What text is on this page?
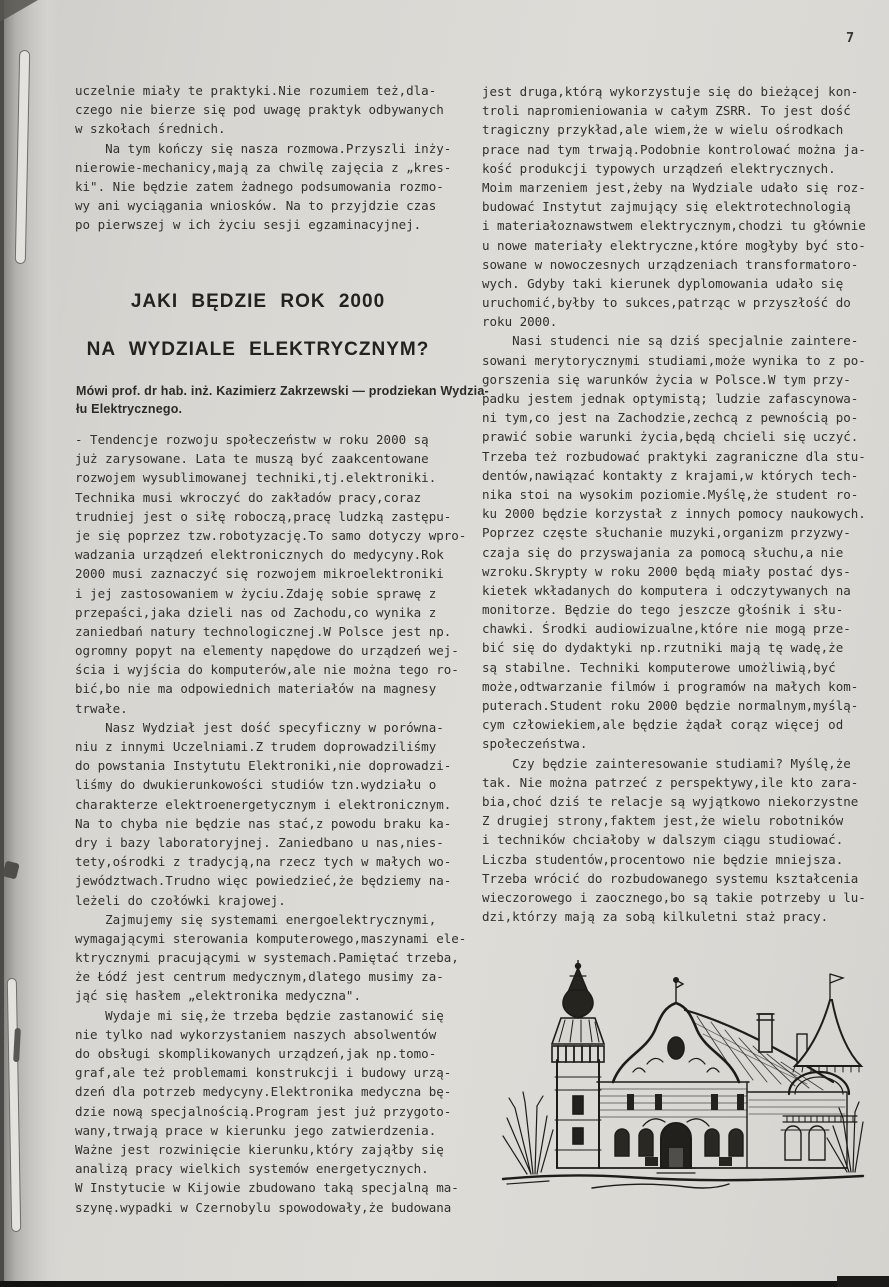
7
uczelnie miały te praktyki.Nie rozumiem też,dla-
czego nie bierze się pod uwagę praktyk odbywanych
w szkołach średnich.
Na tym kończy się nasza rozmowa.Przyszli inży-
nierowie-mechanicy,mają za chwilę zajęcia z „kres-
ki". Nie będzie zatem żadnego podsumowania rozmo-
wy ani wyciągania wniosków. Na to przyjdzie czas
po pierwszej w ich życiu sesji egzaminacyjnej.
JAKI BĘDZIE ROK 2000
NA WYDZIALE ELEKTRYCZNYM?
Mówi prof. dr hab. inż. Kazimierz Zakrzewski — prodziekan Wydzia-
łu Elektrycznego.
- Tendencje rozwoju społeczeństw w roku 2000 są
już zarysowane. Lata te muszą być zaakcentowane
rozwojem wysublimowanej techniki,tj.elektroniki.
Technika musi wkroczyć do zakładów pracy,coraz
trudniej jest o siłę roboczą,pracę ludzką zastępu-
je się poprzez tzw.robotyzację.To samo dotyczy wpro-
wadzania urządzeń elektronicznych do medycyny.Rok
2000 musi zaznaczyć się rozwojem mikroelektroniki
i jej zastosowaniem w życiu.Zdaję sobie sprawę z
przepaści,jaka dzieli nas od Zachodu,co wynika z
zaniedbań natury technologicznej.W Polsce jest np.
ogromny popyt na elementy napędowe do urządzeń wej-
ścia i wyjścia do komputerów,ale nie można tego ro-
bić,bo nie ma odpowiednich materiałów na magnesy
trwałe.
Nasz Wydział jest dość specyficzny w porówna-
niu z innymi Uczelniami.Z trudem doprowadziliśmy
do powstania Instytutu Elektroniki,nie doprowadzi-
liśmy do dwukierunkowości studiów tzn.wydziału o
charakterze elektroenergetycznym i elektronicznym.
Na to chyba nie będzie nas stać,z powodu braku ka-
dry i bazy laboratoryjnej. Zaniedbano u nas,nies-
tety,ośrodki z tradycją,na rzecz tych w małych wo-
jewództwach.Trudno więc powiedzieć,że będziemy na-
leżeli do czołówki krajowej.
Zajmujemy się systemami energoelektrycznymi,
wymagającymi sterowania komputerowego,maszynami ele-
ktrycznymi pracującymi w systemach.Pamiętać trzeba,
że Łódź jest centrum medycznym,dlatego musimy za-
jąć się hasłem „elektronika medyczna".
Wydaje mi się,że trzeba będzie zastanowić się
nie tylko nad wykorzystaniem naszych absolwentów
do obsługi skomplikowanych urządzeń,jak np.tomo-
graf,ale też problemami konstrukcji i budowy urzą-
dzeń dla potrzeb medycyny.Elektronika medyczna bę-
dzie nową specjalnością.Program jest już przygoto-
wany,trwają prace w kierunku jego zatwierdzenia.
Ważne jest rozwinięcie kierunku,który zająłby się
analizą pracy wielkich systemów energetycznych.
W Instytucie w Kijowie zbudowano taką specjalną ma-
szynę.wypadki w Czernobylu spowodowały,że budowana
jest druga,którą wykorzystuje się do bieżącej kon-
troli napromieniowania w całym ZSRR. To jest dość
tragiczny przykład,ale wiem,że w wielu ośrodkach
prace nad tym trwają.Podobnie kontrolować można ja-
kość produkcji typowych urządzeń elektrycznych.
Moim marzeniem jest,żeby na Wydziale udało się roz-
budować Instytut zajmujący się elektrotechnologią
i materiałoznawstwem elektrycznym,chodzi tu głównie
u nowe materiały elektryczne,które mogłyby być sto-
sowane w nowoczesnych urządzeniach transformatoro-
wych. Gdyby taki kierunek dyplomowania udało się
uruchomić,byłby to sukces,patrząc w przyszłość do
roku 2000.
Nasi studenci nie są dziś specjalnie zaintere-
sowani merytorycznymi studiami,może wynika to z po-
gorszenia się warunków życia w Polsce.W tym przy-
padku jestem jednak optymistą; ludzie zafascynowa-
ni tym,co jest na Zachodzie,zechcą z pewnością po-
prawić sobie warunki życia,będą chcieli się uczyć.
Trzeba też rozbudować praktyki zagraniczne dla stu-
dentów,nawiązać kontakty z krajami,w których tech-
nika stoi na wysokim poziomie.Myślę,że student ro-
ku 2000 będzie korzystał z innych pomocy naukowych.
Poprzez częste słuchanie muzyki,organizm przyzwy-
czaja się do przyswajania za pomocą słuchu,a nie
wzroku.Skrypty w roku 2000 będą miały postać dys-
kietek wkładanych do komputera i odczytywanych na
monitorze. Będzie do tego jeszcze głośnik i słu-
chawki. Środki audiowizualne,które nie mogą prze-
bić się do dydaktyki np.rzutniki mają tę wadę,że
są stabilne. Techniki komputerowe umożliwią,być
może,odtwarzanie filmów i programów na małych kom-
puterach.Student roku 2000 będzie normalnym,myślą-
cym człowiekiem,ale będzie żądał corąz więcej od
społeczeństwa.
Czy będzie zainteresowanie studiami? Myślę,że
tak. Nie można patrzeć z perspektywy,ile kto zara-
bia,choć dziś te relacje są wyjątkowo niekorzystne
Z drugiej strony,faktem jest,że wielu robotników
i techników chciałoby w dalszym ciągu studiować.
Liczba studentów,procentowo nie będzie mniejsza.
Trzeba wrócić do rozbudowanego systemu kształcenia
wieczorowego i zaocznego,bo są takie potrzeby u lu-
dzi,którzy mają za sobą kilkuletni staż pracy.
